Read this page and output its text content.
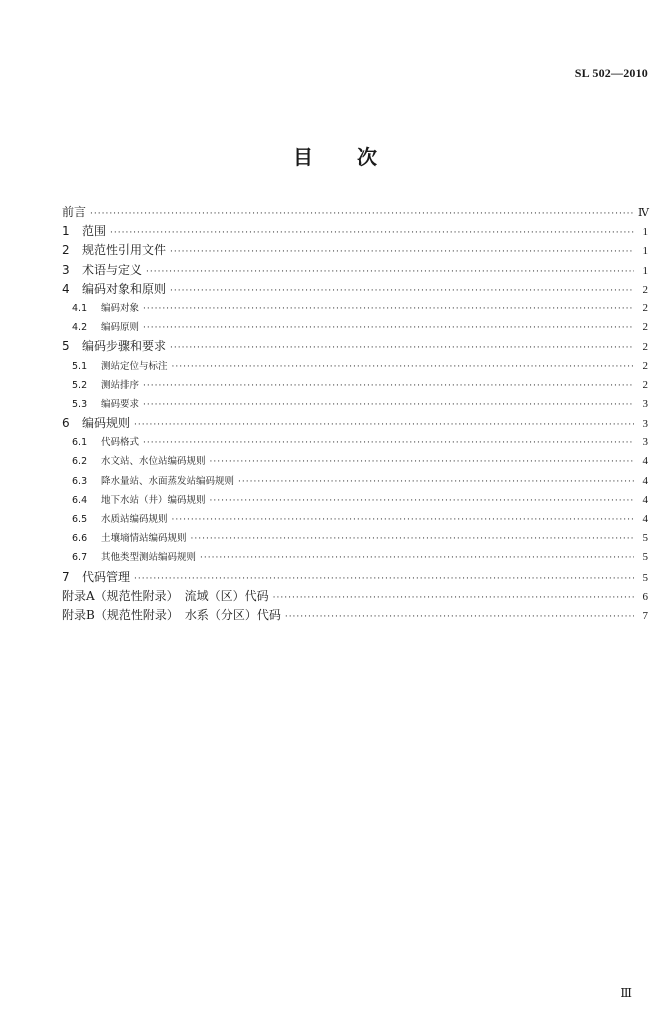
SL 502—2010
目 次
前言 ·····	Ⅳ
1	范围 ·····	1
2	规范性引用文件 ·····	1
3	术语与定义 ·····	1
4	编码对象和原则 ·····	2
4.1	编码对象 ·····	2
4.2	编码原则 ·····	2
5	编码步骤和要求 ·····	2
5.1	测站定位与标注 ·····	2
5.2	测站排序 ·····	2
5.3	编码要求 ·····	3
6	编码规则 ·····	3
6.1	代码格式 ·····	3
6.2	水文站、水位站编码规则 ·····	4
6.3	降水量站、水面蒸发站编码规则 ·····	4
6.4	地下水站（井）编码规则 ·····	4
6.5	水质站编码规则 ·····	4
6.6	土壤墒情站编码规则 ·····	5
6.7	其他类型测站编码规则 ·····	5
7	代码管理 ·····	5
附录A（规范性附录）　流域（区）代码 ·····	6
附录B（规范性附录）　水系（分区）代码 ·····	7
Ⅲ
